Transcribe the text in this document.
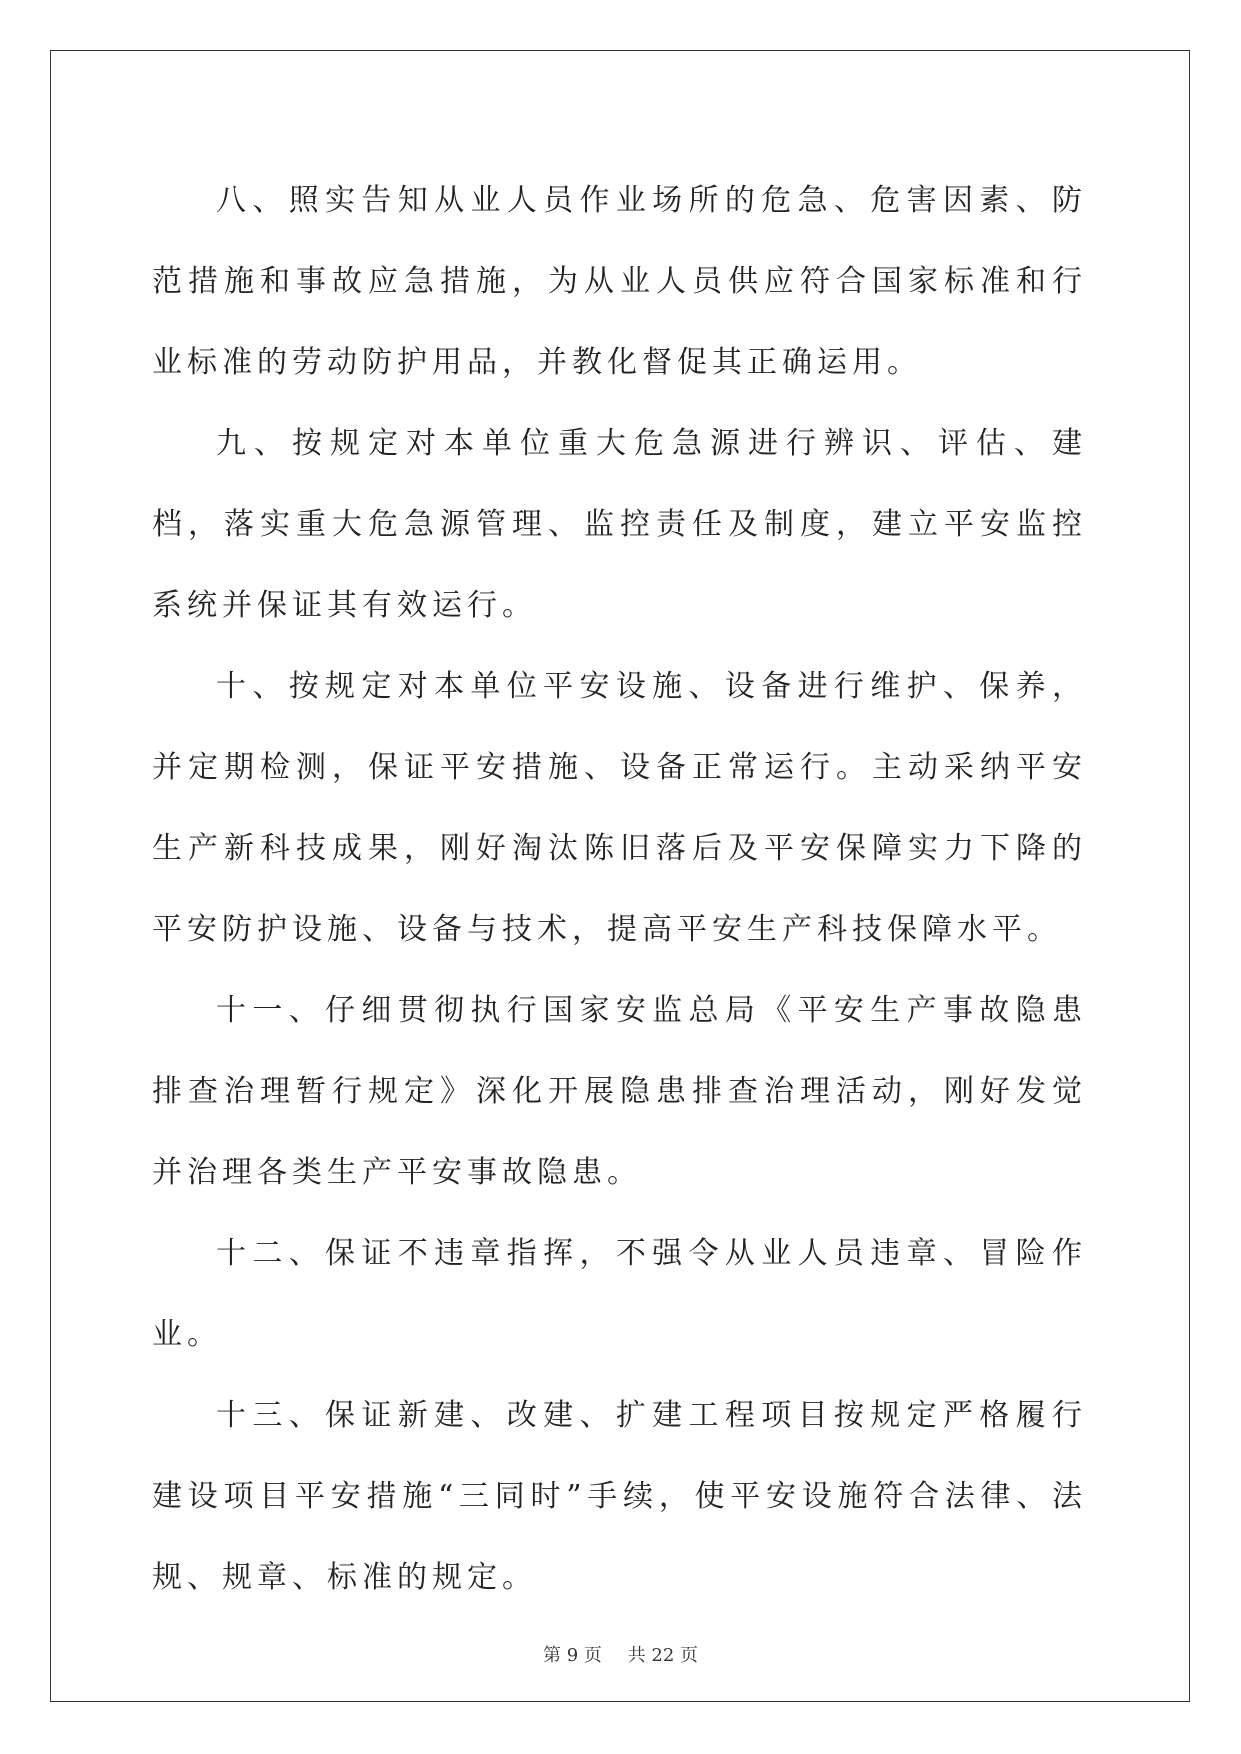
八、照实告知从业人员作业场所的危急、危害因素、防范措施和事故应急措施，为从业人员供应符合国家标准和行业标准的劳动防护用品，并教化督促其正确运用。

九、按规定对本单位重大危急源进行辨识、评估、建档，落实重大危急源管理、监控责任及制度，建立平安监控系统并保证其有效运行。

十、按规定对本单位平安设施、设备进行维护、保养，并定期检测，保证平安措施、设备正常运行。主动采纳平安生产新科技成果，刚好淘汰陈旧落后及平安保障实力下降的平安防护设施、设备与技术，提高平安生产科技保障水平。

十一、仔细贯彻执行国家安监总局《平安生产事故隐患排查治理暂行规定》深化开展隐患排查治理活动，刚好发觉并治理各类生产平安事故隐患。

十二、保证不违章指挥，不强令从业人员违章、冒险作业。

十三、保证新建、改建、扩建工程项目按规定严格履行建设项目平安措施“三同时”手续，使平安设施符合法律、法规、规章、标准的规定。

第 9 页 共 22 页
